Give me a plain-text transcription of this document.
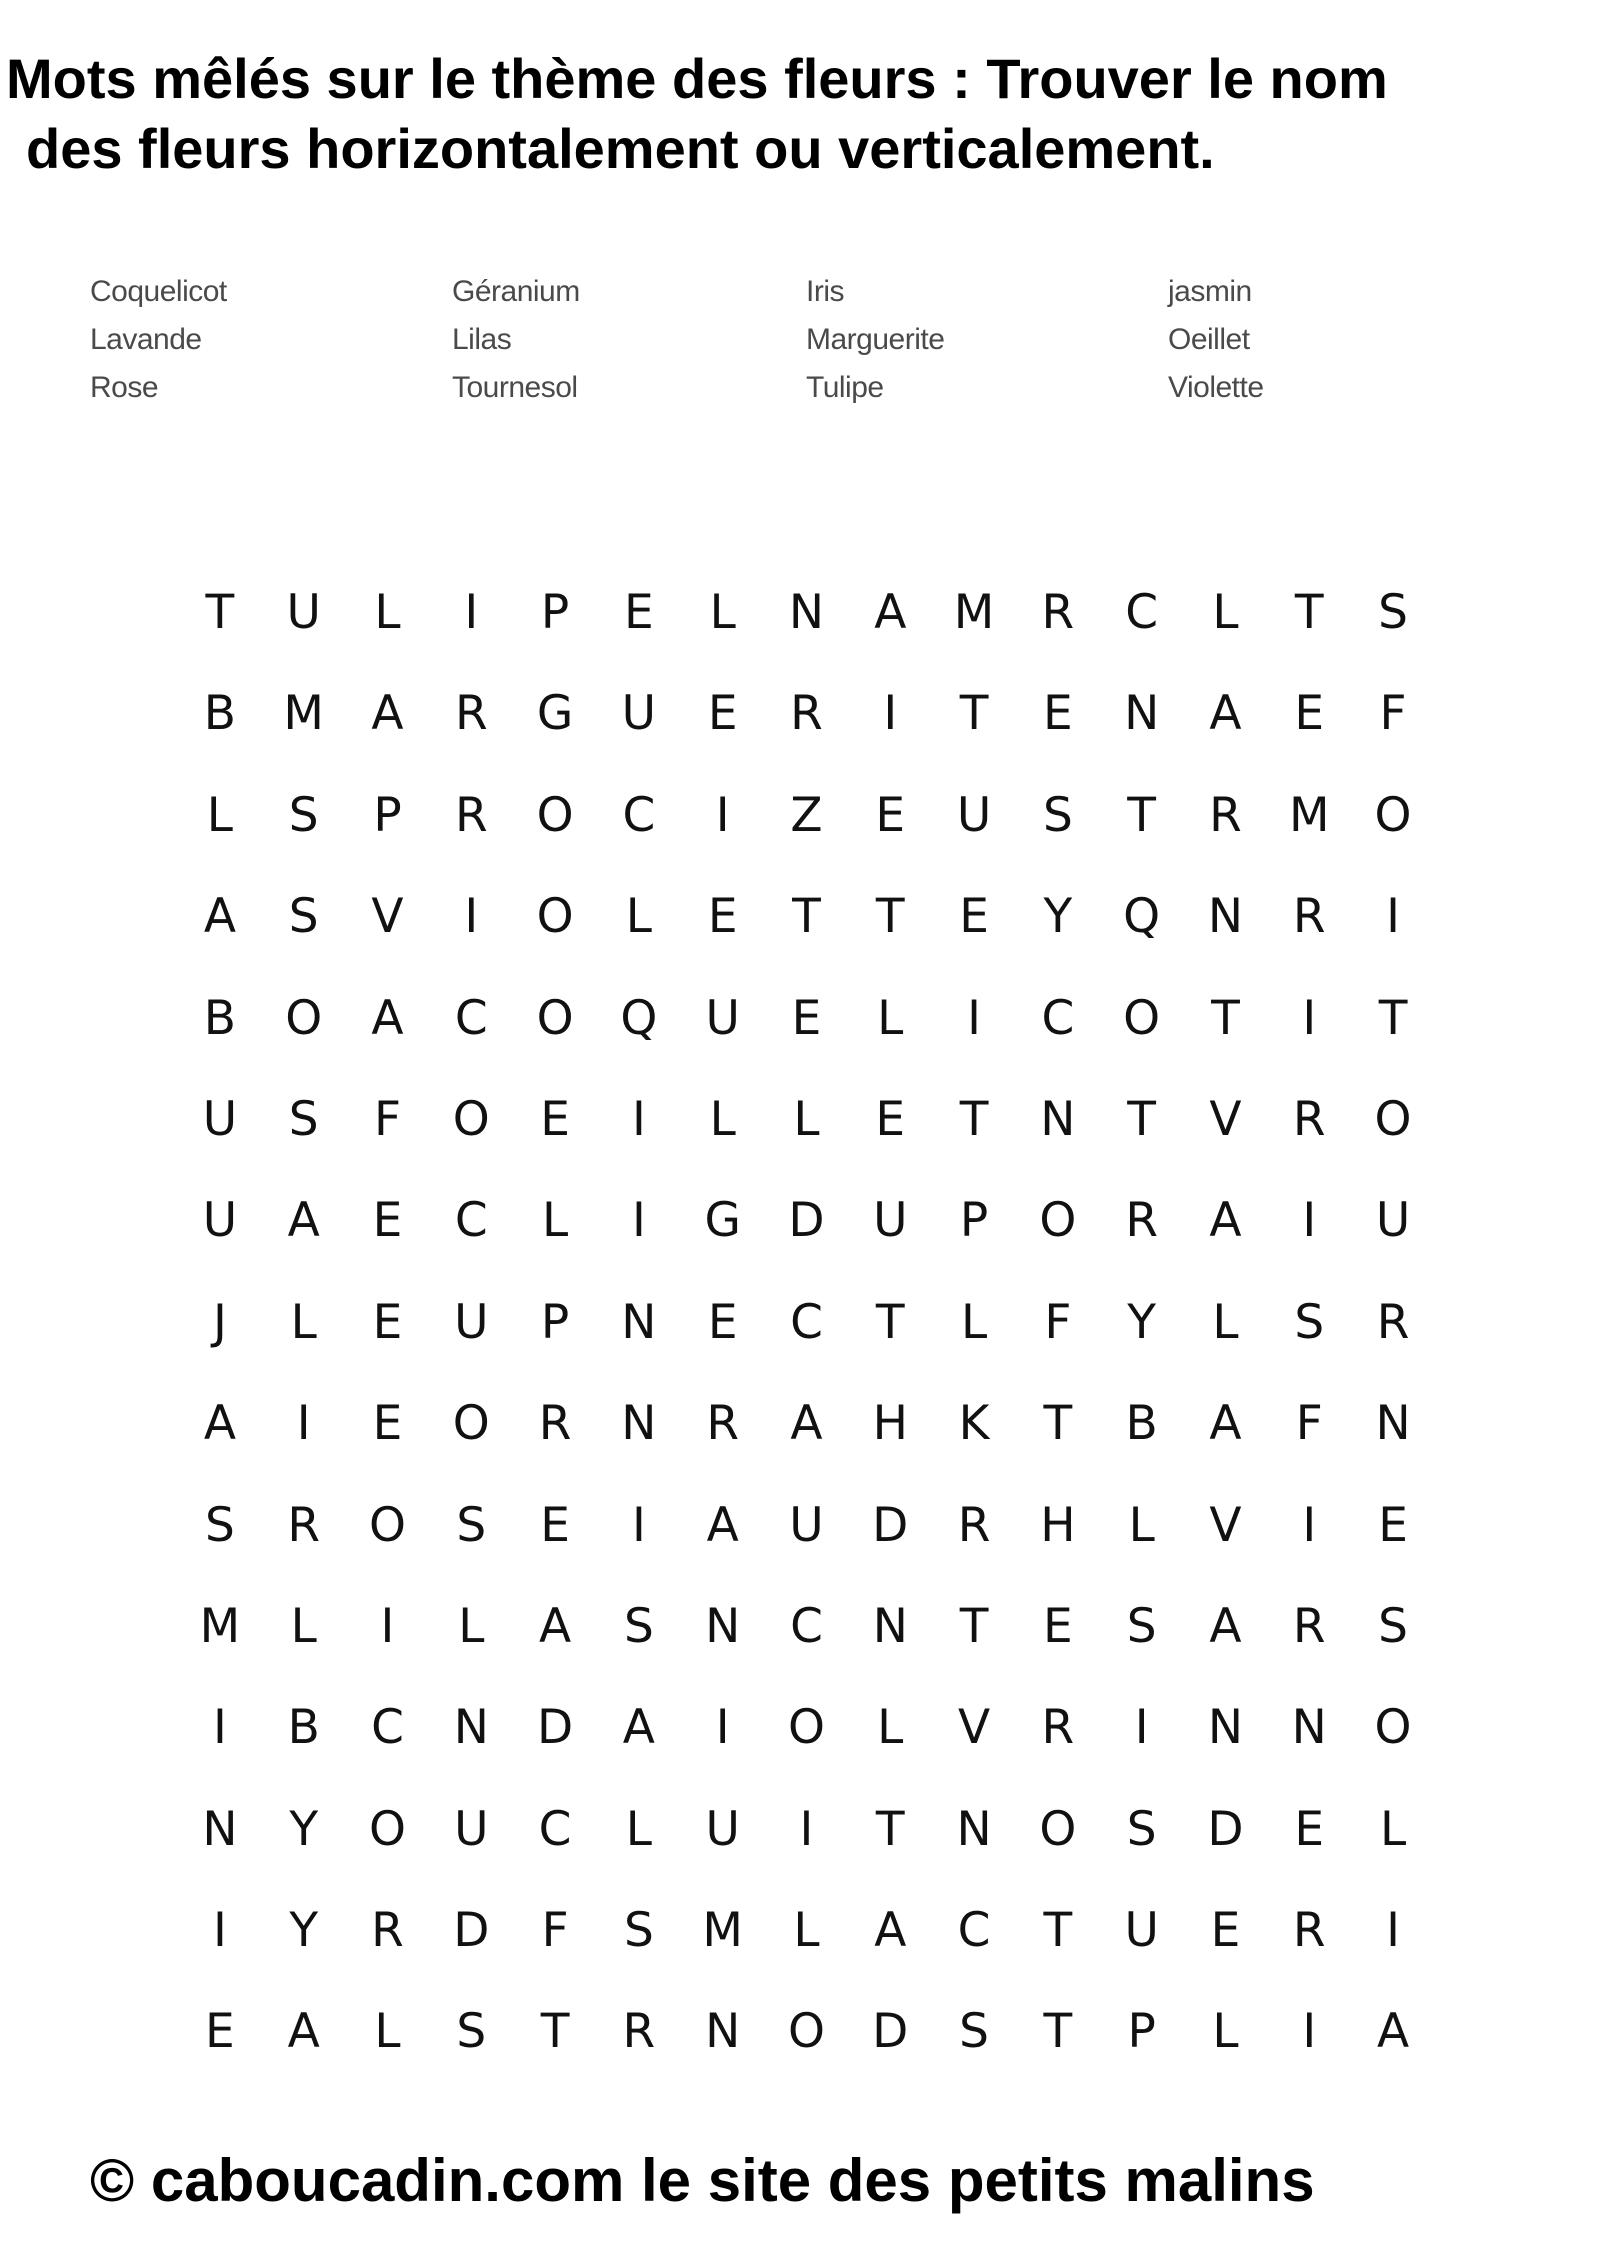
Mots mêlés sur le thème des fleurs : Trouver le nom
des fleurs horizontalement ou verticalement.
Coquelicot	Géranium	Iris	jasmin
Lavande	Lilas	Marguerite	Oeillet
Rose	Tournesol	Tulipe	Violette
T	U	L	I	P	E	L	N	A	M	R	C	L	T	S
B	M	A	R	G	U	E	R	I	T	E	N	A	E	F
L	S	P	R	O	C	I	Z	E	U	S	T	R	M O
A	S	V	I	O	L	E	T	T	E	Y	Q	N	R	I
B	O	A	C	O Q	U	E	L	I	C	O	T	I	T
U	S	F	O	E	I	L	L	E	T	N	T	V	R	O
U	A	E	C	L	I	G	D	U	P	O	R	A	I	U
J	L	E	U	P	N	E	C	T	L	F	Y	L	S	R
A	I	E	O	R	N	R	A	H	K	T	B	A	F	N
S	R	O	S	E	I	A	U	D	R	H	L	V	I	E
M	L	I	L	A	S	N	C	N	T	E	S	A	R	S
I	B	C	N	D	A	I	O	L	V	R	I	N	N	O
N	Y	O	U	C	L	U	I	T	N	O	S	D	E	L
I	Y	R	D	F	S	M	L	A	C	T	U	E	R	I
E	A	L	S	T	R	N	O	D	S	T	P	L	I	A
© caboucadin.com le site des petits malins
